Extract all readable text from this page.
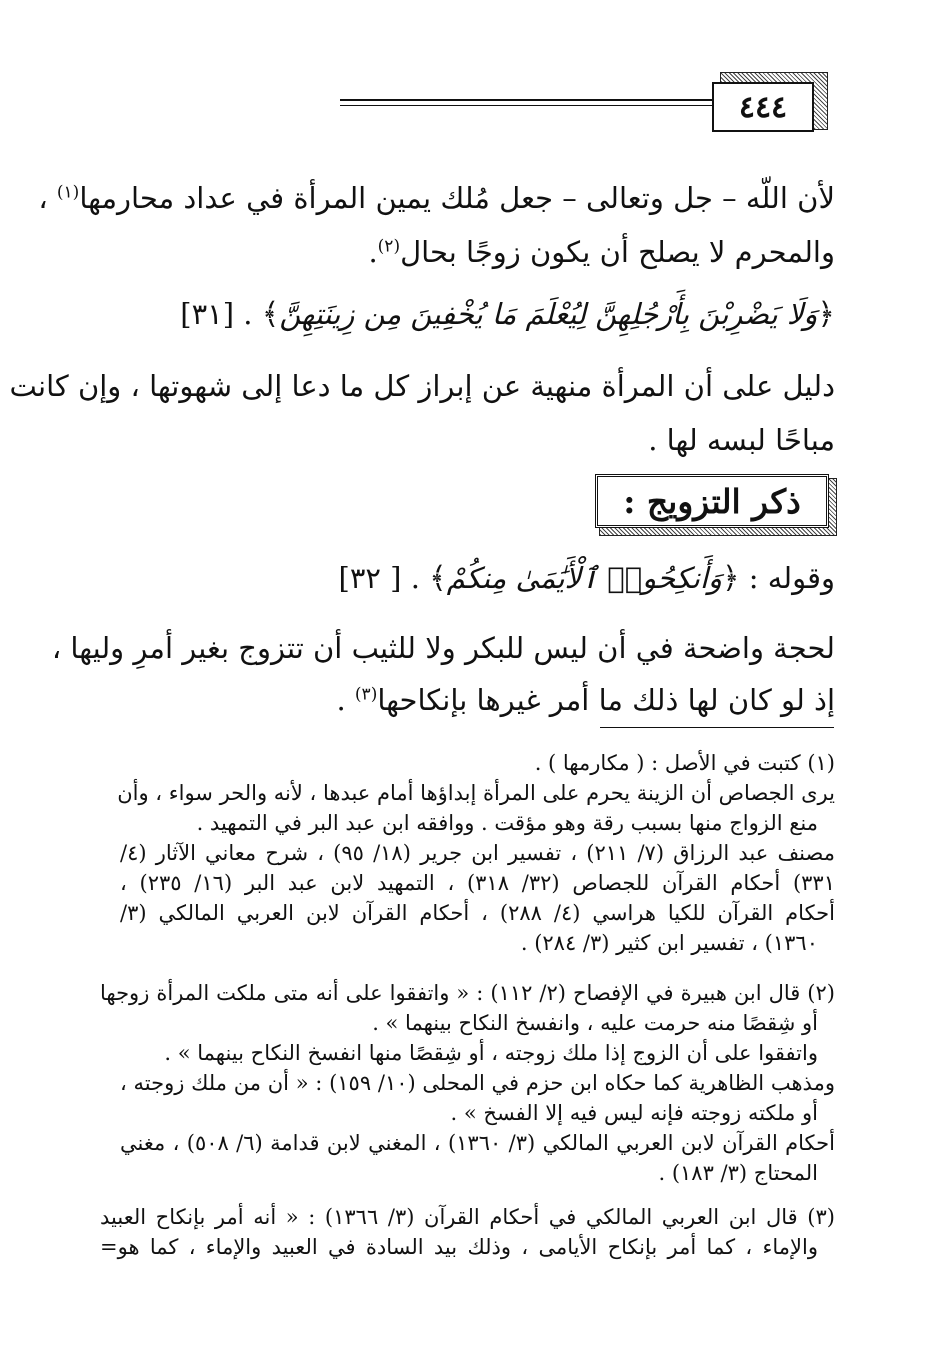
٤٤٤
لأن اللّه – جل وتعالى – جعل مُلك يمين المرأة في عداد محارمها$^{(١)}$ ،
والمحرم لا يصلح أن يكون زوجًا بحال$^{(٢)}$.
﴿وَلَا يَضْرِبْنَ بِأَرْجُلِهِنَّ لِيُعْلَمَ مَا يُخْفِينَ مِن زِينَتِهِنَّ﴾ . [٣١]
دليل على أن المرأة منهية عن إبراز كل ما دعا إلى شهوتها ، وإن كانت
مباحًا لبسه لها .
ذكر التزويج :
وقوله : ﴿وَأَنكِحُوا۟ ٱلْأَيَٰمَىٰ مِنكُمْ﴾ . [ ٣٢]
لحجة واضحة في أن ليس للبكر ولا للثيب أن تتزوج بغير أمرِ وليها ،
إذ لو كان لها ذلك ما أمر غيرها بإنكاحها$^{(٣)}$ .
(١) كتبت في الأصل : ( مكارمها ) .
يرى الجصاص أن الزينة يحرم على المرأة إبداؤها أمام عبدها ، لأنه والحر سواء ، وأن
منع الزواج منها بسبب رقة وهو مؤقت . ووافقه ابن عبد البر في التمهيد .
مصنف عبد الرزاق (٧/ ٢١١) ، تفسير ابن جرير (١٨/ ٩٥) ، شرح معاني الآثار (٤/
٣٣١) أحكام القرآن للجصاص (٣٢/ ٣١٨) ، التمهيد لابن عبد البر (١٦/ ٢٣٥) ،
أحكام القرآن للكيا هراسي (٤/ ٢٨٨) ، أحكام القرآن لابن العربي المالكي (٣/
١٣٦٠) ، تفسير ابن كثير (٣/ ٢٨٤) .
(٢) قال ابن هبيرة في الإفصاح (٢/ ١١٢) : « واتفقوا على أنه متى ملكت المرأة زوجها
أو شِقصًا منه حرمت عليه ، وانفسخ النكاح بينهما » .
واتفقوا على أن الزوج إذا ملك زوجته ، أو شِقصًا منها انفسخ النكاح بينهما » .
ومذهب الظاهرية كما حكاه ابن حزم في المحلى (١٠/ ١٥٩) : « أن من ملك زوجته ،
أو ملكته زوجته فإنه ليس فيه إلا الفسخ » .
أحكام القرآن لابن العربي المالكي (٣/ ١٣٦٠) ، المغني لابن قدامة (٦/ ٥٠٨) ، مغني
المحتاج (٣/ ١٨٣) .
(٣) قال ابن العربي المالكي في أحكام القرآن (٣/ ١٣٦٦) : « أنه أمر بإنكاح العبيد
والإماء ، كما أمر بإنكاح الأيامى ، وذلك بيد السادة في العبيد والإماء ، كما هو=
